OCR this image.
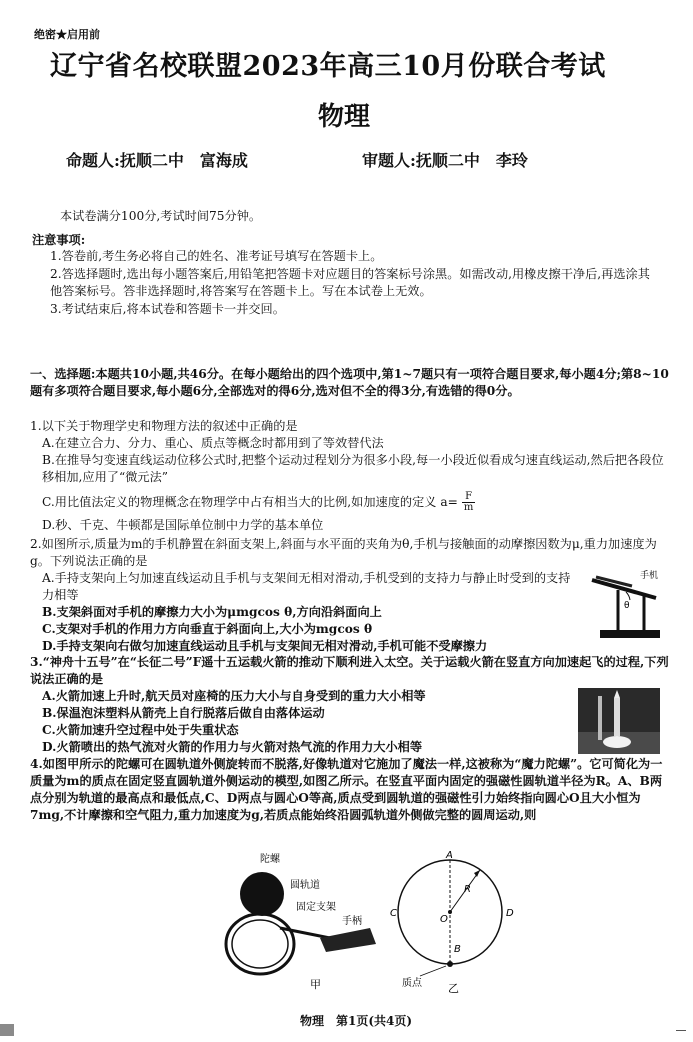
绝密★启用前
辽宁省名校联盟2023年高三10月份联合考试
物理
命题人:抚顺二中　富海成	审题人:抚顺二中　李玲
本试卷满分100分,考试时间75分钟。
注意事项:
1.答卷前,考生务必将自己的姓名、准考证号填写在答题卡上。
2.答选择题时,选出每小题答案后,用铅笔把答题卡对应题目的答案标号涂黑。如需改动,用橡皮擦干净后,再选涂其他答案标号。答非选择题时,将答案写在答题卡上。写在本试卷上无效。
3.考试结束后,将本试卷和答题卡一并交回。
一、选择题:本题共10小题,共46分。在每小题给出的四个选项中,第1~7题只有一项符合题目要求,每小题4分;第8~10题有多项符合题目要求,每小题6分,全部选对的得6分,选对但不全的得3分,有选错的得0分。
1.以下关于物理学史和物理方法的叙述中正确的是
A.在建立合力、分力、重心、质点等概念时都用到了等效替代法
B.在推导匀变速直线运动位移公式时,把整个运动过程划分为很多小段,每一小段近似看成匀速直线运动,然后把各段位移相加,应用了“微元法”
C.用比值法定义的物理概念在物理学中占有相当大的比例,如加速度的定义 $a= \frac{F}{m}$
D.秒、千克、牛顿都是国际单位制中力学的基本单位
2.如图所示,质量为m的手机静置在斜面支架上,斜面与水平面的夹角为θ,手机与接触面的动摩擦因数为μ,重力加速度为g。下列说法正确的是
A.手持支架向上匀加速直线运动且手机与支架间无相对滑动,手机受到的支持力与静止时受到的支持力相等
B.支架斜面对手机的摩擦力大小为μmgcos θ,方向沿斜面向上
C.支架对手机的作用力方向垂直于斜面向上,大小为mgcos θ
D.手持支架向右做匀加速直线运动且手机与支架间无相对滑动,手机可能不受摩擦力
θ
手机
3.“神舟十五号”在“长征二号”F遥十五运载火箭的推动下顺利进入太空。关于运载火箭在竖直方向加速起飞的过程,下列说法正确的是
A.火箭加速上升时,航天员对座椅的压力大小与自身受到的重力大小相等
B.保温泡沫塑料从箭壳上自行脱落后做自由落体运动
C.火箭加速升空过程中处于失重状态
D.火箭喷出的热气流对火箭的作用力与火箭对热气流的作用力大小相等
4.如图甲所示的陀螺可在圆轨道外侧旋转而不脱落,好像轨道对它施加了魔法一样,这被称为“魔力陀螺”。它可简化为一质量为m的质点在固定竖直圆轨道外侧运动的模型,如图乙所示。在竖直平面内固定的强磁性圆轨道半径为R。A、B两点分别为轨道的最高点和最低点,C、D两点与圆心O等高,质点受到圆轨道的强磁性引力始终指向圆心O且大小恒为7mg,不计摩擦和空气阻力,重力加速度为g,若质点能始终沿圆弧轨道外侧做完整的圆周运动,则
陀螺
圆轨道
固定支架
手柄
甲
A
B
C	D
O
R
质点 乙
物理　第1页(共4页)
